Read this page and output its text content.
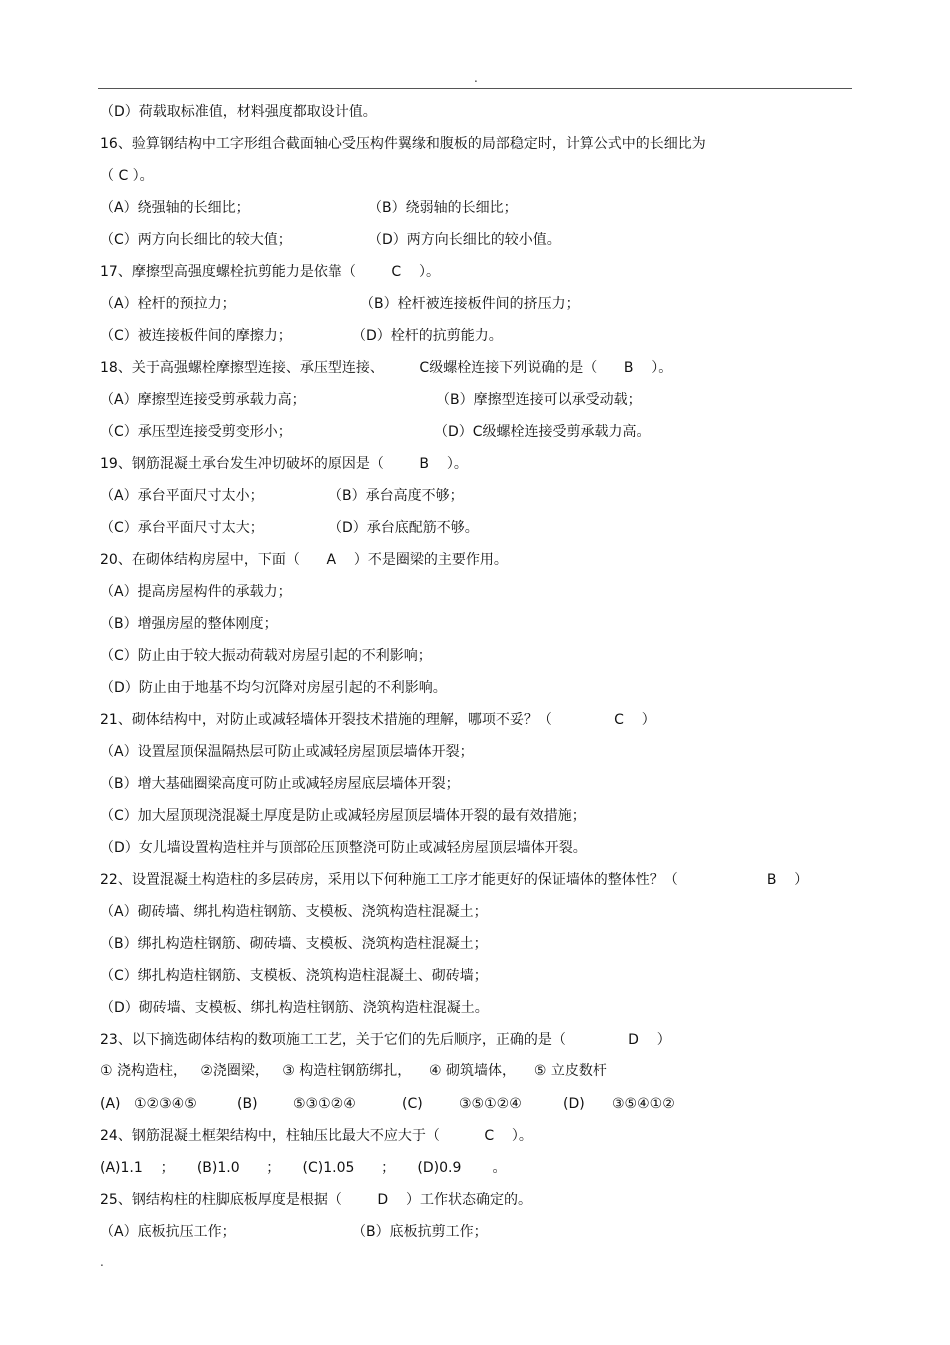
.
（D）荷载取标准值，材料强度都取设计值。
16、验算钢结构中工字形组合截面轴心受压构件翼缘和腹板的局部稳定时，计算公式中的长细比为
（ C ）。

（A）绕强轴的长细比；

	（B）绕弱轴的长细比；

（C）两方向长细比的较大值；

	（D）两方向长细比的较小值。

17、摩擦型高强度螺栓抗剪能力是依靠（        C    ）。

（A）栓杆的预拉力；

	（B）栓杆被连接板件间的挤压力；

（C）被连接板件间的摩擦力；

	（D）栓杆的抗剪能力。

18、关于高强螺栓摩擦型连接、承压型连接、        C级螺栓连接下列说确的是（      B    ）。

（A）摩擦型连接受剪承载力高；

	（B）摩擦型连接可以承受动载；

（C）承压型连接受剪变形小；

	（D）C级螺栓连接受剪承载力高。

19、钢筋混凝土承台发生冲切破坏的原因是（        B    ）。

（A）承台平面尺寸太小；

	（B）承台高度不够；

（C）承台平面尺寸太大；

	（D）承台底配筋不够。

20、在砌体结构房屋中，下面（      A    ）不是圈梁的主要作用。
（A）提高房屋构件的承载力；
（B）增强房屋的整体刚度；
（C）防止由于较大振动荷载对房屋引起的不利影响；
（D）防止由于地基不均匀沉降对房屋引起的不利影响。
21、砌体结构中，对防止或减轻墙体开裂技术措施的理解，哪项不妥？（              C    ）
（A）设置屋顶保温隔热层可防止或减轻房屋顶层墙体开裂；
（B）增大基础圈梁高度可防止或减轻房屋底层墙体开裂；
（C）加大屋顶现浇混凝土厚度是防止或减轻房屋顶层墙体开裂的最有效措施；
（D）女儿墙设置构造柱并与顶部砼压顶整浇可防止或减轻房屋顶层墙体开裂。
22、设置混凝土构造柱的多层砖房，采用以下何种施工工序才能更好的保证墙体的整体性？（                    B    ）
（A）砌砖墙、绑扎构造柱钢筋、支模板、浇筑构造柱混凝土；
（B）绑扎构造柱钢筋、砌砖墙、支模板、浇筑构造柱混凝土；
（C）绑扎构造柱钢筋、支模板、浇筑构造柱混凝土、砌砖墙；
（D）砌砖墙、支模板、绑扎构造柱钢筋、浇筑构造柱混凝土。
23、以下摘选砌体结构的数项施工工艺，关于它们的先后顺序，正确的是（              D    ）
① 浇构造柱，   ②浇圈梁，   ③ 构造柱钢筋绑扎，    ④ 砌筑墙体，    ⑤ 立皮数杆

(A)

①②③④⑤

	(B)

	⑤③①②④

	(C)

	③⑤①②④

	(D)

③⑤④①②

24、钢筋混凝土框架结构中，柱轴压比最大不应大于（          C    ）。
(A)1.1    ；     (B)1.0      ；     (C)1.05      ；     (D)0.9       。
25、钢结构柱的柱脚底板厚度是根据（        D    ）工作状态确定的。

（A）底板抗压工作；

	（B）底板抗剪工作；

.
